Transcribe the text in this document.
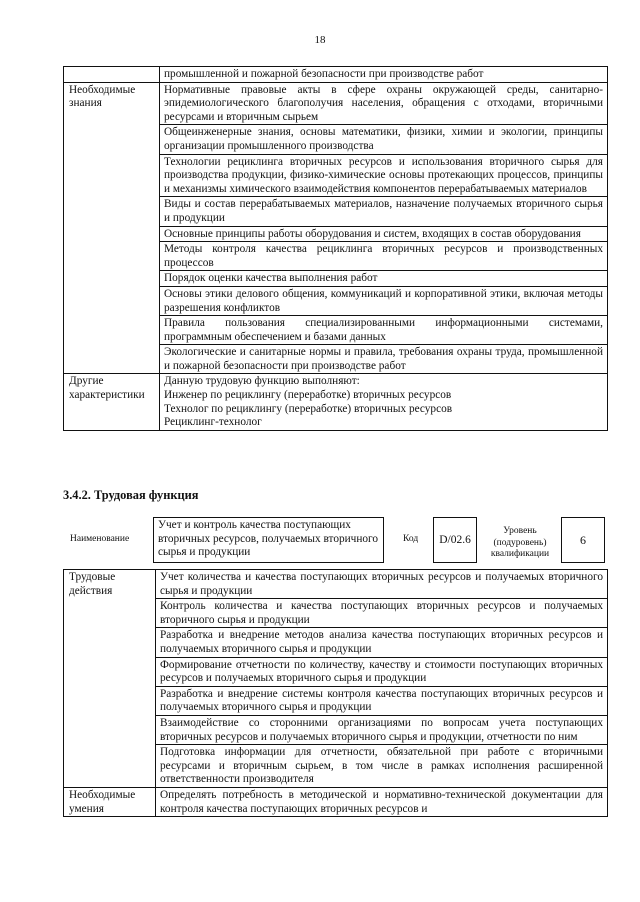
18
	промышленной и пожарной безопасности при производстве работ
Необходимые знания	Нормативные правовые акты в сфере охраны окружающей среды, санитарно-эпидемиологического благополучия населения, обращения с отходами, вторичными ресурсами и вторичным сырьем
	Общеинженерные знания, основы математики, физики, химии и экологии, принципы организации промышленного производства
	Технологии рециклинга вторичных ресурсов и использования вторичного сырья для производства продукции, физико-химические основы протекающих процессов, принципы и механизмы химического взаимодействия компонентов перерабатываемых материалов
	Виды и состав перерабатываемых материалов, назначение получаемых вторичного сырья и продукции
	Основные принципы работы оборудования и систем, входящих в состав оборудования
	Методы контроля качества рециклинга вторичных ресурсов и производственных процессов
	Порядок оценки качества выполнения работ
	Основы этики делового общения, коммуникаций и корпоративной этики, включая методы разрешения конфликтов
	Правила пользования специализированными информационными системами, программным обеспечением и базами данных
	Экологические и санитарные нормы и правила, требования охраны труда, промышленной и пожарной безопасности при производстве работ
Другие характеристики	Данную трудовую функцию выполняют:
Инженер по рециклингу (переработке) вторичных ресурсов
Технолог по рециклингу (переработке) вторичных ресурсов
Рециклинг-технолог
3.4.2. Трудовая функция
Наименование
Учет и контроль качества поступающих вторичных ресурсов, получаемых вторичного сырья и продукции
Код	D/02.6
Уровень
(подуровень)
квалификации
6
Трудовые действия	Учет количества и качества поступающих вторичных ресурсов и получаемых вторичного сырья и продукции
	Контроль количества и качества поступающих вторичных ресурсов и получаемых вторичного сырья и продукции
	Разработка и внедрение методов анализа качества поступающих вторичных ресурсов и получаемых вторичного сырья и продукции
	Формирование отчетности по количеству, качеству и стоимости поступающих вторичных ресурсов и получаемых вторичного сырья и продукции
	Разработка и внедрение системы контроля качества поступающих вторичных ресурсов и получаемых вторичного сырья и продукции
	Взаимодействие со сторонними организациями по вопросам учета поступающих вторичных ресурсов и получаемых вторичного сырья и продукции, отчетности по ним
	Подготовка информации для отчетности, обязательной при работе с вторичными ресурсами и вторичным сырьем, в том числе в рамках исполнения расширенной ответственности производителя
Необходимые умения	Определять потребность в методической и нормативно-технической документации для контроля качества поступающих вторичных ресурсов и
